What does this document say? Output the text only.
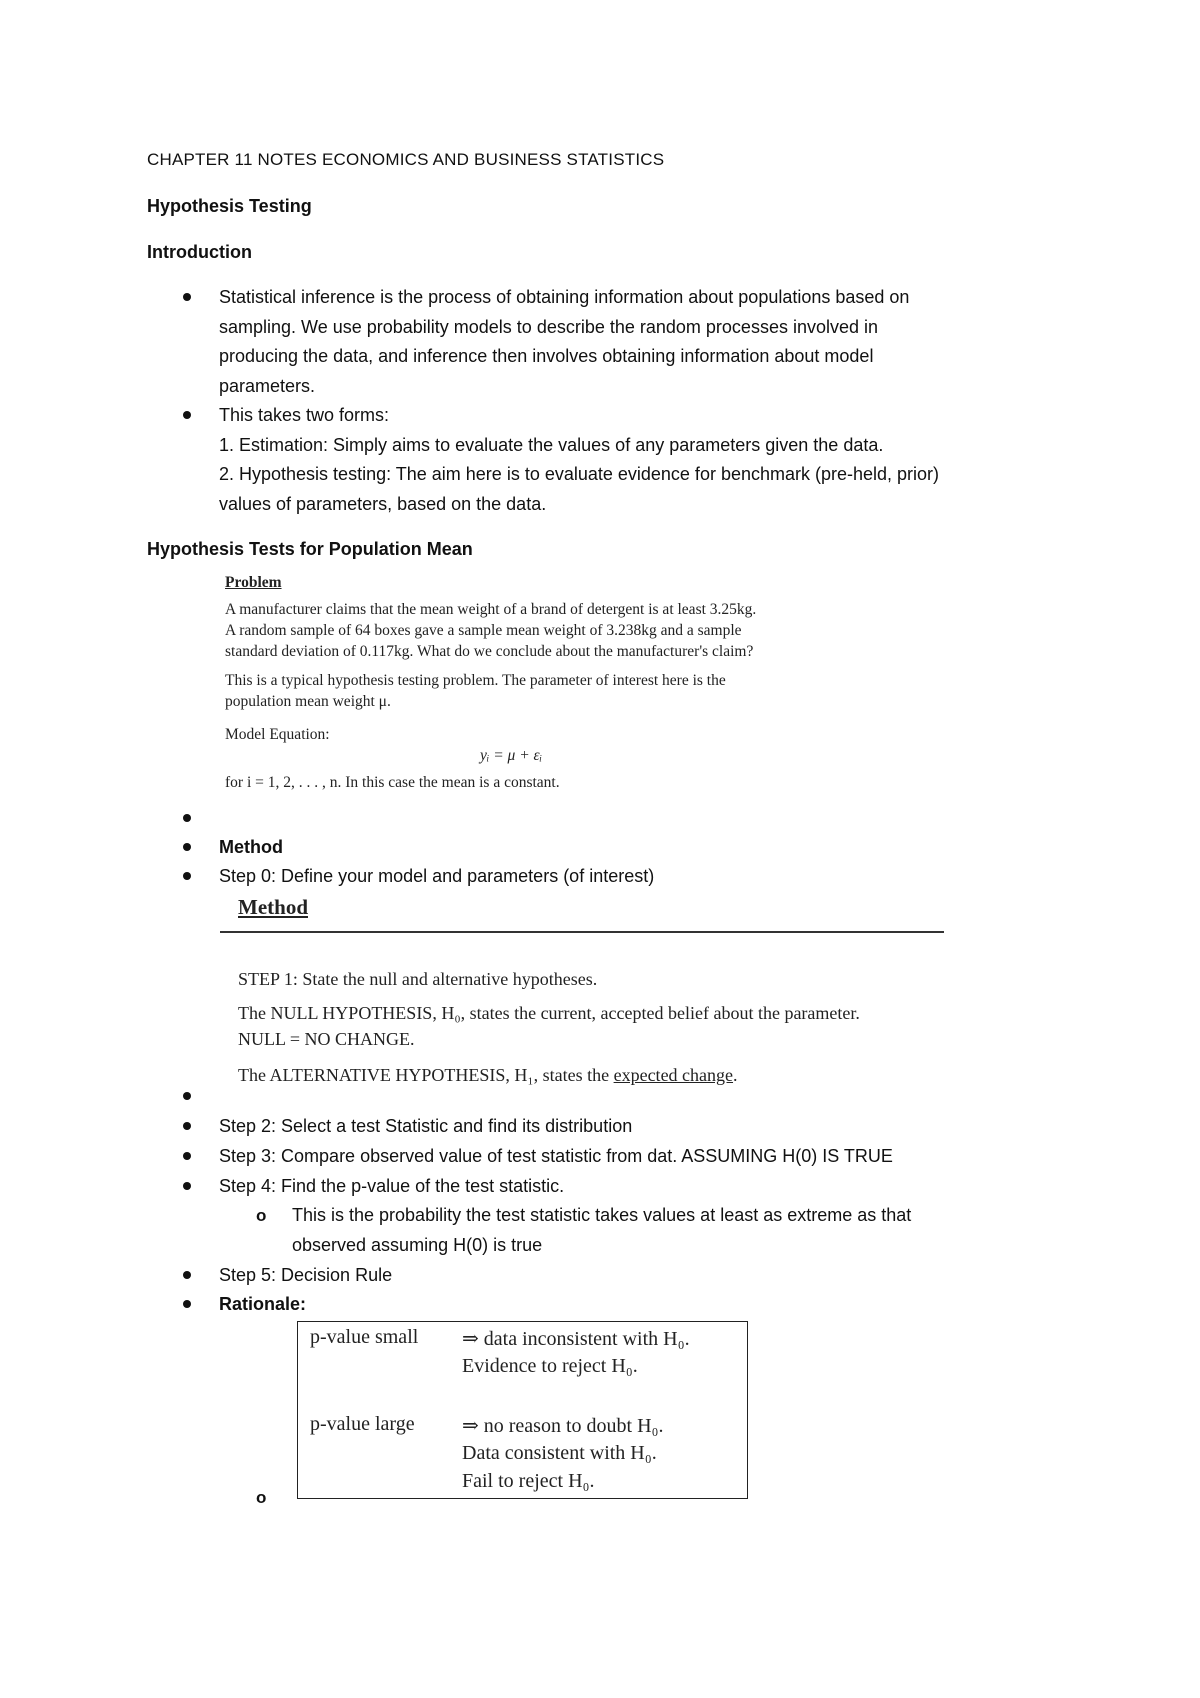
CHAPTER 11 NOTES ECONOMICS AND BUSINESS STATISTICS
Hypothesis Testing
Introduction
Statistical inference is the process of obtaining information about populations based on
sampling. We use probability models to describe the random processes involved in
producing the data, and inference then involves obtaining information about model
parameters.
This takes two forms:
1. Estimation: Simply aims to evaluate the values of any parameters given the data.
2. Hypothesis testing: The aim here is to evaluate evidence for benchmark (pre-held, prior)
values of parameters, based on the data.
Hypothesis Tests for Population Mean
Problem

A manufacturer claims that the mean weight of a brand of detergent is at least 3.25kg.

A random sample of 64 boxes gave a sample mean weight of 3.238kg and a sample

standard deviation of 0.117kg. What do we conclude about the manufacturer's claim?

This is a typical hypothesis testing problem. The parameter of interest here is the

population mean weight μ.

Model Equation:
yᵢ = μ + εᵢ
for i = 1, 2, . . . , n. In this case the mean is a constant.
Method
Step 0: Define your model and parameters (of interest)
Method
STEP 1: State the null and alternative hypotheses.
The NULL HYPOTHESIS, H₀, states the current, accepted belief about the parameter.
NULL = NO CHANGE.
The ALTERNATIVE HYPOTHESIS, H₁, states the expected change.
Step 2: Select a test Statistic and find its distribution
Step 3: Compare observed value of test statistic from dat. ASSUMING H(0) IS TRUE
Step 4: Find the p-value of the test statistic.
o This is the probability the test statistic takes values at least as extreme as that
observed assuming H(0) is true
Step 5: Decision Rule
Rationale:
p-value small ⇒ data inconsistent with H₀.
Evidence to reject H₀.
p-value large ⇒ no reason to doubt H₀.
Data consistent with H₀.
Fail to reject H₀.
o
